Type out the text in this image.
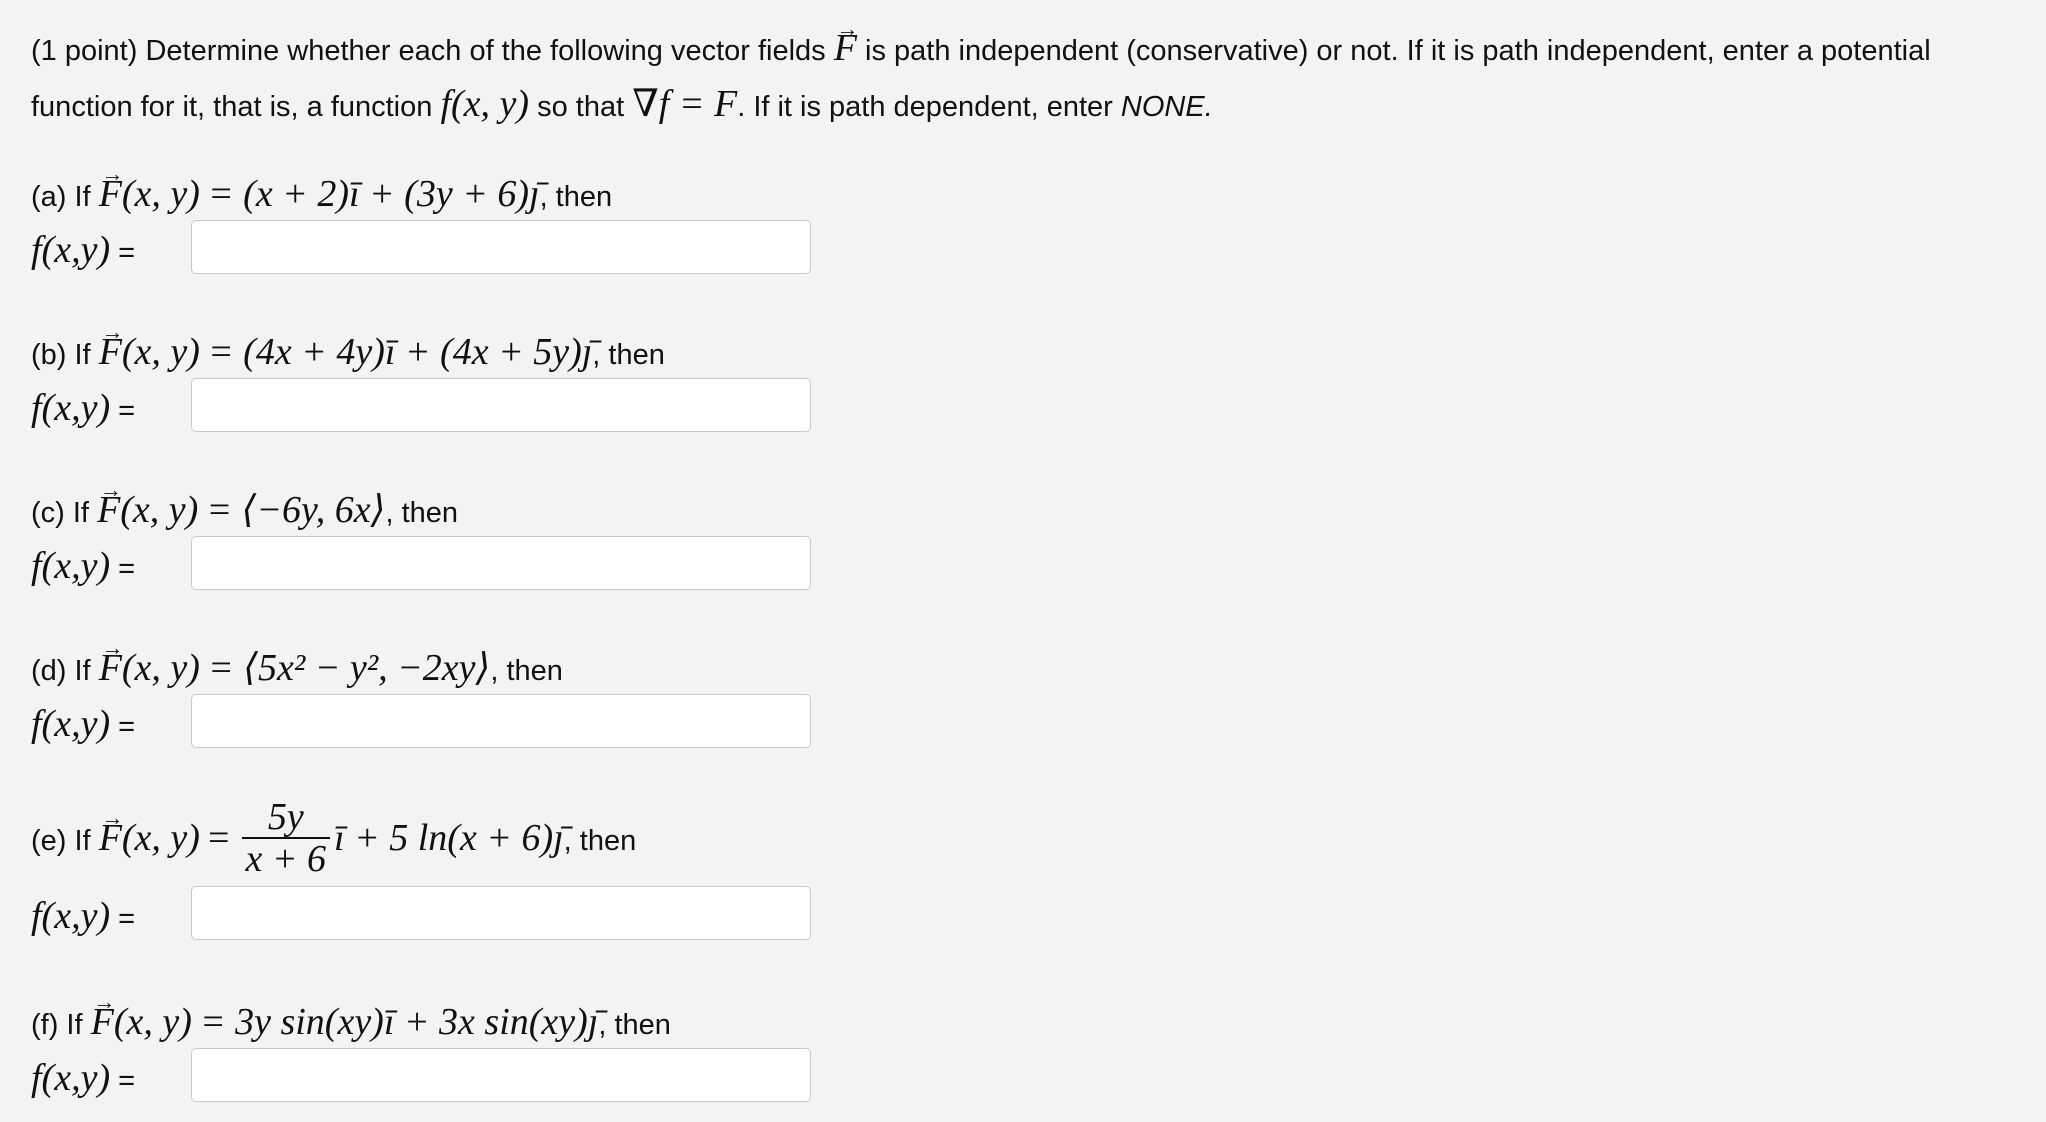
(1 point) Determine whether each of the following vector fields → F is path independent (conservative) or not. If it is path independent, enter a potential function for it, that is, a function f(x, y) so that ∇f = F. If it is path dependent, enter NONE.
(a) If → F(x, y) = (x + 2)ī + (3y + 6)ȷ̄, then
f(x,y) =
(b) If → F(x, y) = (4x + 4y)ī + (4x + 5y)ȷ̄, then
f(x,y) =
(c) If → F(x, y) = ⟨−6y, 6x⟩, then
f(x,y) =
(d) If → F(x, y) = ⟨5x² − y², −2xy⟩, then
f(x,y) =
(e) If → F(x, $y) = \frac{5y}{x + 6}$ ī + 5 ln(x + 6)ȷ̄, then
f(x,y) =
(f) If → F(x, y) = 3y sin(xy)ī + 3x sin(xy)ȷ̄, then
f(x,y) =
